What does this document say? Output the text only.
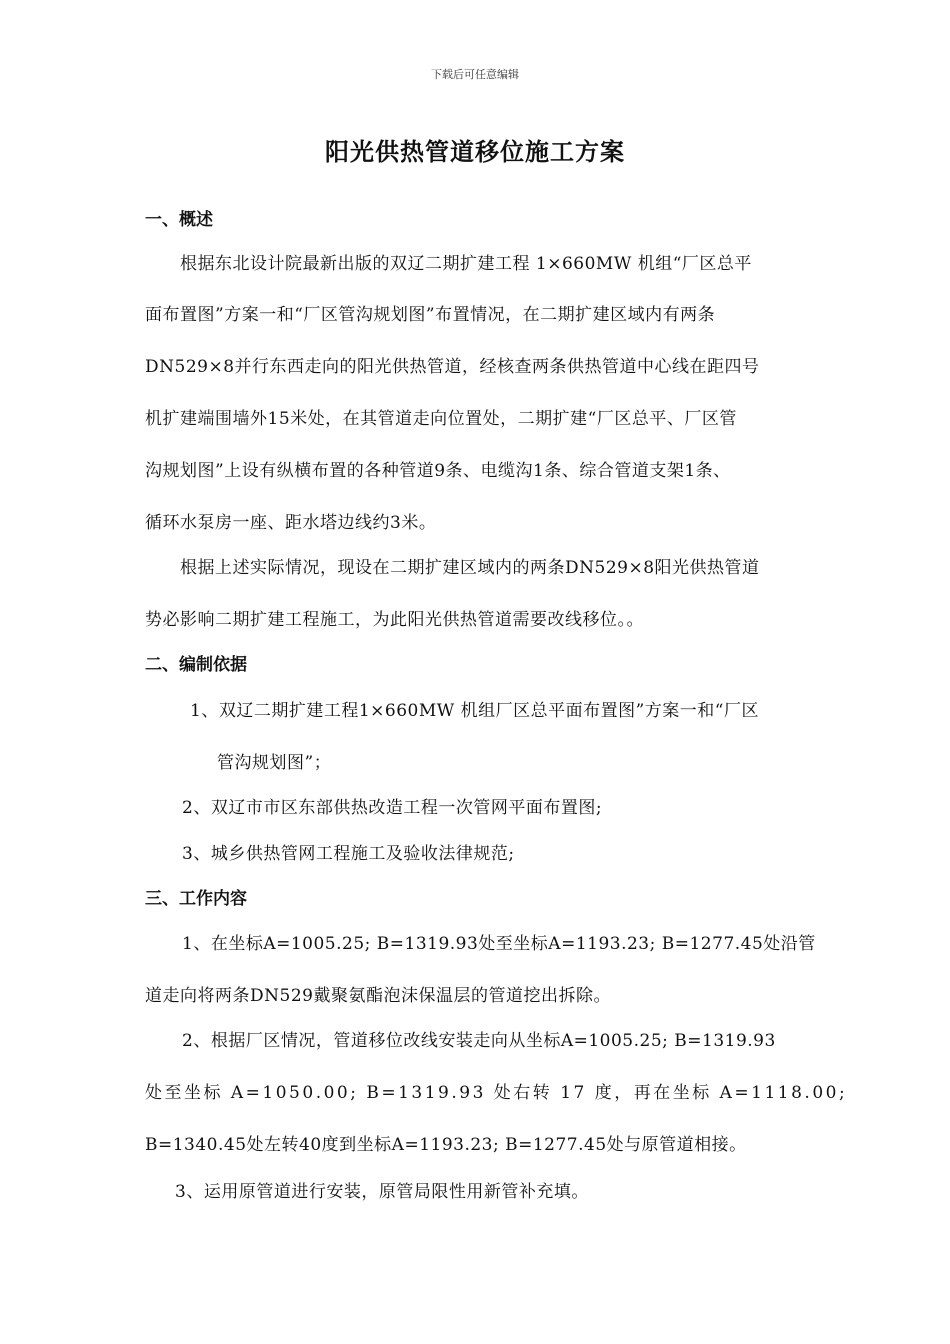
下载后可任意编辑
阳光供热管道移位施工方案
一、概述
根据东北设计院最新出版的双辽二期扩建工程 1×660MW 机组“厂区总平
面布置图”方案一和“厂区管沟规划图”布置情况，在二期扩建区域内有两条
DN529×8并行东西走向的阳光供热管道，经核查两条供热管道中心线在距四号
机扩建端围墙外15米处，在其管道走向位置处，二期扩建“厂区总平、厂区管
沟规划图”上设有纵横布置的各种管道9条、电缆沟1条、综合管道支架1条、
循环水泵房一座、距水塔边线约3米。
根据上述实际情况，现设在二期扩建区域内的两条DN529×8阳光供热管道
势必影响二期扩建工程施工，为此阳光供热管道需要改线移位。。
二、编制依据
1、双辽二期扩建工程1×660MW 机组厂区总平面布置图”方案一和“厂区
管沟规划图”；
2、双辽市市区东部供热改造工程一次管网平面布置图;
3、城乡供热管网工程施工及验收法律规范;
三、工作内容
1、在坐标A=1005.25; B=1319.93处至坐标A=1193.23; B=1277.45处沿管
道走向将两条DN529戴聚氨酯泡沫保温层的管道挖出拆除。
2、根据厂区情况，管道移位改线安装走向从坐标A=1005.25; B=1319.93
处至坐标 A=1050.00; B=1319.93 处右转 17 度，再在坐标 A=1118.00;
B=1340.45处左转40度到坐标A=1193.23; B=1277.45处与原管道相接。
3、运用原管道进行安装，原管局限性用新管补充填。
